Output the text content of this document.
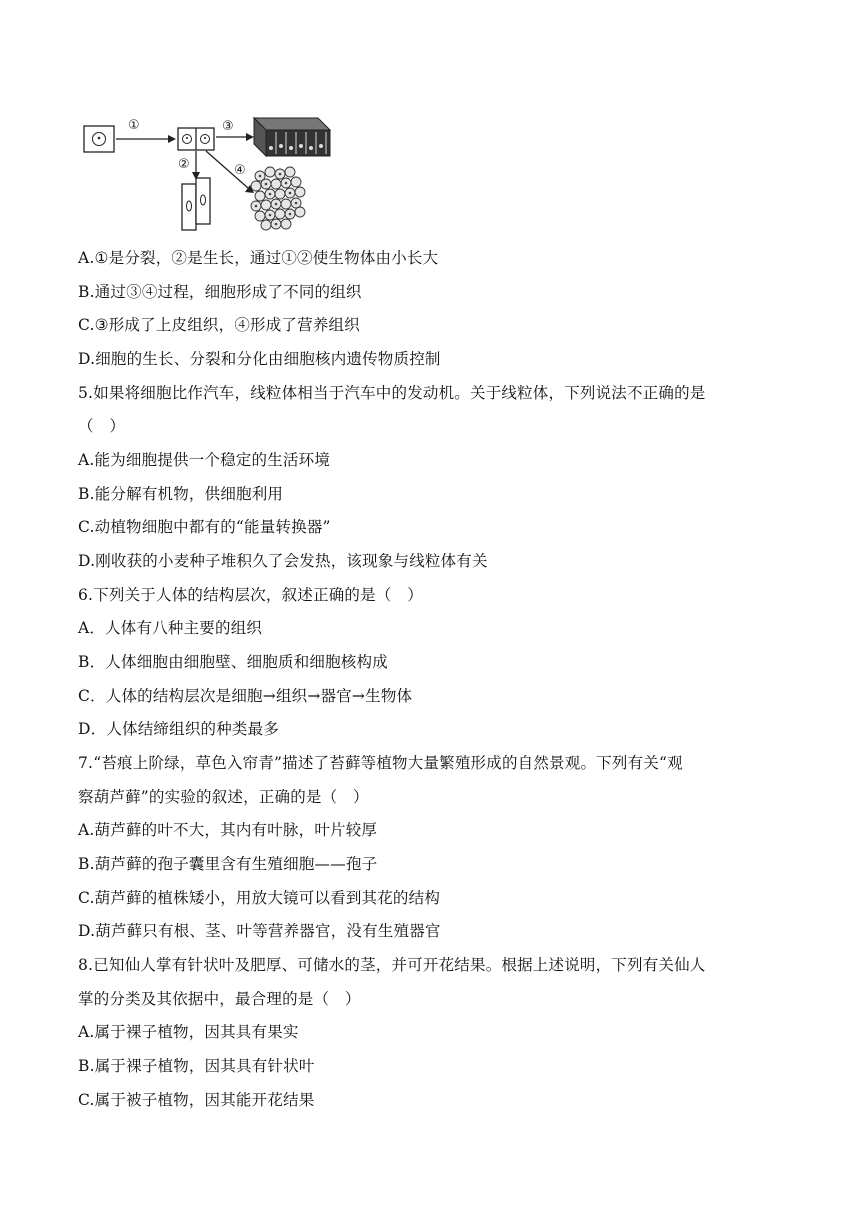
①	③
②	④
A.①是分裂，②是生长，通过①②使生物体由小长大
B.通过③④过程，细胞形成了不同的组织
C.③形成了上皮组织，④形成了营养组织
D.细胞的生长、分裂和分化由细胞核内遗传物质控制
5.如果将细胞比作汽车，线粒体相当于汽车中的发动机。关于线粒体，下列说法不正确的是
（　）
A.能为细胞提供一个稳定的生活环境
B.能分解有机物，供细胞利用
C.动植物细胞中都有的“能量转换器”
D.刚收获的小麦种子堆积久了会发热，该现象与线粒体有关
6.下列关于人体的结构层次，叙述正确的是（　）
A．人体有八种主要的组织
B．人体细胞由细胞壁、细胞质和细胞核构成
C．人体的结构层次是细胞→组织→器官→生物体
D．人体结缔组织的种类最多
7.“苔痕上阶绿，草色入帘青”描述了苔藓等植物大量繁殖形成的自然景观。下列有关“观
察葫芦藓”的实验的叙述，正确的是（　）
A.葫芦藓的叶不大，其内有叶脉，叶片较厚
B.葫芦藓的孢子囊里含有生殖细胞——孢子
C.葫芦藓的植株矮小，用放大镜可以看到其花的结构
D.葫芦藓只有根、茎、叶等营养器官，没有生殖器官
8.已知仙人掌有针状叶及肥厚、可储水的茎，并可开花结果。根据上述说明，下列有关仙人
掌的分类及其依据中，最合理的是（　）
A.属于裸子植物，因其具有果实
B.属于裸子植物，因其具有针状叶
C.属于被子植物，因其能开花结果
